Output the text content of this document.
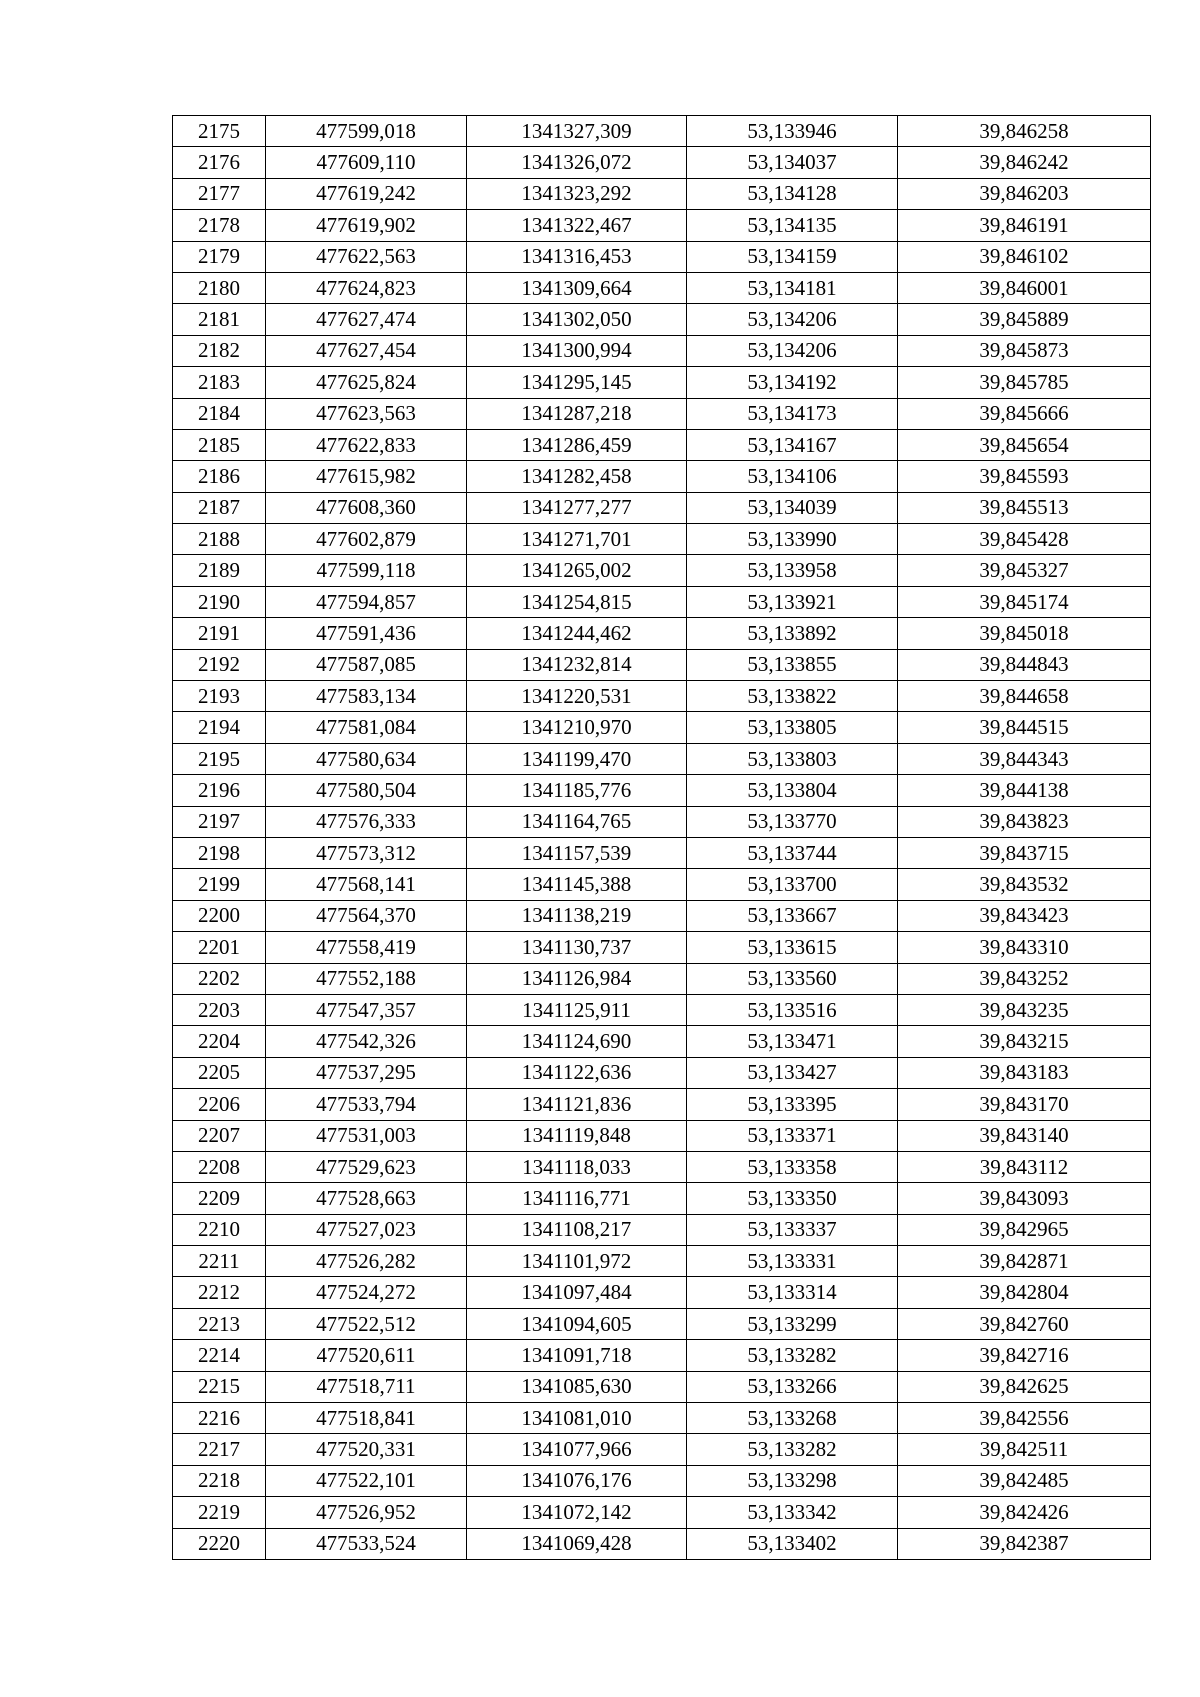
2175	477599,018	1341327,309	53,133946	39,846258
2176	477609,110	1341326,072	53,134037	39,846242
2177	477619,242	1341323,292	53,134128	39,846203
2178	477619,902	1341322,467	53,134135	39,846191
2179	477622,563	1341316,453	53,134159	39,846102
2180	477624,823	1341309,664	53,134181	39,846001
2181	477627,474	1341302,050	53,134206	39,845889
2182	477627,454	1341300,994	53,134206	39,845873
2183	477625,824	1341295,145	53,134192	39,845785
2184	477623,563	1341287,218	53,134173	39,845666
2185	477622,833	1341286,459	53,134167	39,845654
2186	477615,982	1341282,458	53,134106	39,845593
2187	477608,360	1341277,277	53,134039	39,845513
2188	477602,879	1341271,701	53,133990	39,845428
2189	477599,118	1341265,002	53,133958	39,845327
2190	477594,857	1341254,815	53,133921	39,845174
2191	477591,436	1341244,462	53,133892	39,845018
2192	477587,085	1341232,814	53,133855	39,844843
2193	477583,134	1341220,531	53,133822	39,844658
2194	477581,084	1341210,970	53,133805	39,844515
2195	477580,634	1341199,470	53,133803	39,844343
2196	477580,504	1341185,776	53,133804	39,844138
2197	477576,333	1341164,765	53,133770	39,843823
2198	477573,312	1341157,539	53,133744	39,843715
2199	477568,141	1341145,388	53,133700	39,843532
2200	477564,370	1341138,219	53,133667	39,843423
2201	477558,419	1341130,737	53,133615	39,843310
2202	477552,188	1341126,984	53,133560	39,843252
2203	477547,357	1341125,911	53,133516	39,843235
2204	477542,326	1341124,690	53,133471	39,843215
2205	477537,295	1341122,636	53,133427	39,843183
2206	477533,794	1341121,836	53,133395	39,843170
2207	477531,003	1341119,848	53,133371	39,843140
2208	477529,623	1341118,033	53,133358	39,843112
2209	477528,663	1341116,771	53,133350	39,843093
2210	477527,023	1341108,217	53,133337	39,842965
2211	477526,282	1341101,972	53,133331	39,842871
2212	477524,272	1341097,484	53,133314	39,842804
2213	477522,512	1341094,605	53,133299	39,842760
2214	477520,611	1341091,718	53,133282	39,842716
2215	477518,711	1341085,630	53,133266	39,842625
2216	477518,841	1341081,010	53,133268	39,842556
2217	477520,331	1341077,966	53,133282	39,842511
2218	477522,101	1341076,176	53,133298	39,842485
2219	477526,952	1341072,142	53,133342	39,842426
2220	477533,524	1341069,428	53,133402	39,842387
